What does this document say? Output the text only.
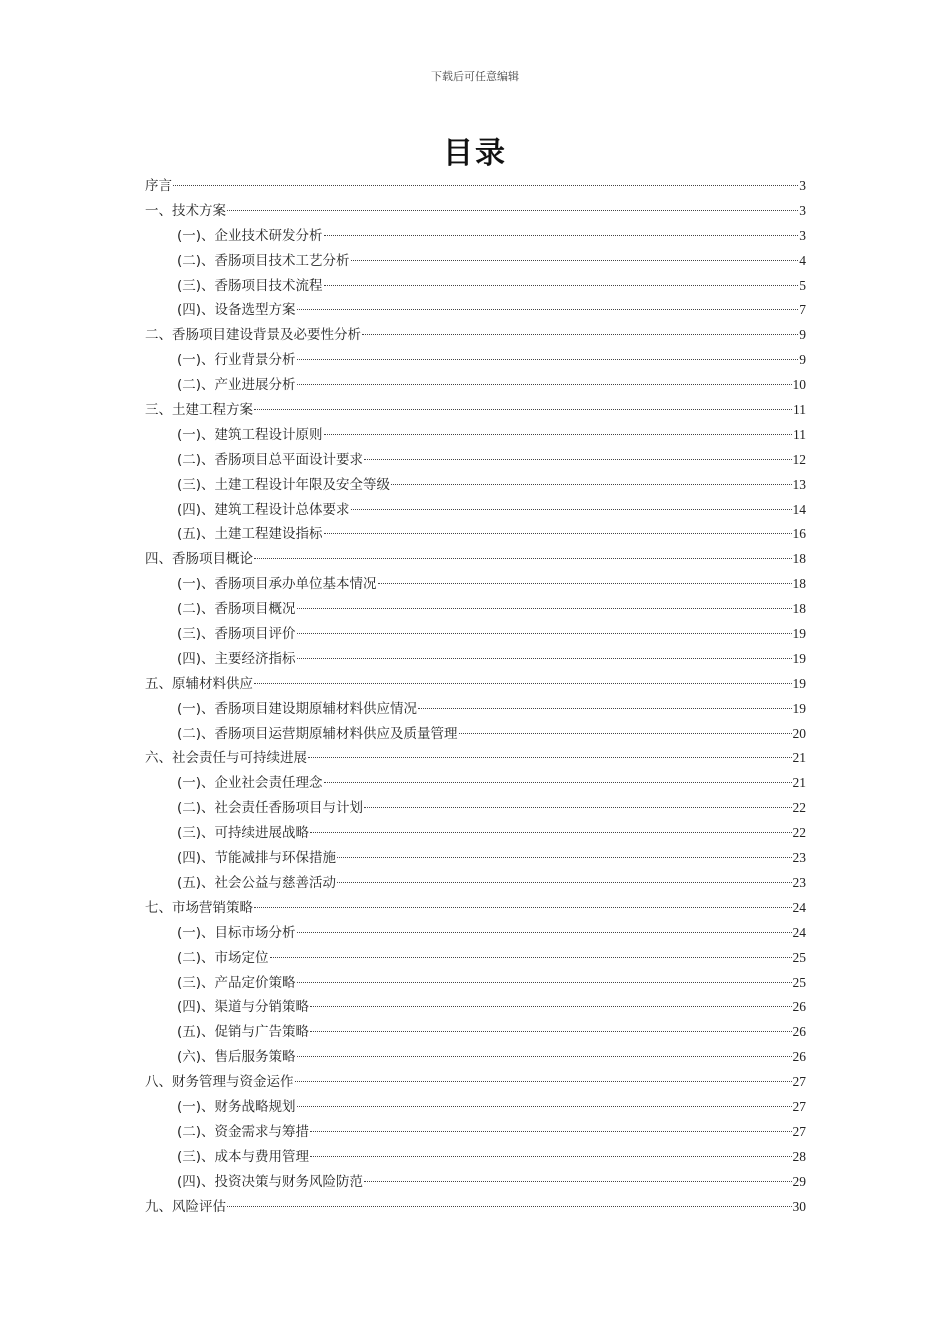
下载后可任意编辑
目录
序言	3
一、技术方案	3
(一)、企业技术研发分析	3
(二)、香肠项目技术工艺分析	4
(三)、香肠项目技术流程	5
(四)、设备选型方案	7
二、香肠项目建设背景及必要性分析	9
(一)、行业背景分析	9
(二)、产业进展分析	10
三、土建工程方案	11
(一)、建筑工程设计原则	11
(二)、香肠项目总平面设计要求	12
(三)、土建工程设计年限及安全等级	13
(四)、建筑工程设计总体要求	14
(五)、土建工程建设指标	16
四、香肠项目概论	18
(一)、香肠项目承办单位基本情况	18
(二)、香肠项目概况	18
(三)、香肠项目评价	19
(四)、主要经济指标	19
五、原辅材料供应	19
(一)、香肠项目建设期原辅材料供应情况	19
(二)、香肠项目运营期原辅材料供应及质量管理	20
六、社会责任与可持续进展	21
(一)、企业社会责任理念	21
(二)、社会责任香肠项目与计划	22
(三)、可持续进展战略	22
(四)、节能减排与环保措施	23
(五)、社会公益与慈善活动	23
七、市场营销策略	24
(一)、目标市场分析	24
(二)、市场定位	25
(三)、产品定价策略	25
(四)、渠道与分销策略	26
(五)、促销与广告策略	26
(六)、售后服务策略	26
八、财务管理与资金运作	27
(一)、财务战略规划	27
(二)、资金需求与筹措	27
(三)、成本与费用管理	28
(四)、投资决策与财务风险防范	29
九、风险评估	30
